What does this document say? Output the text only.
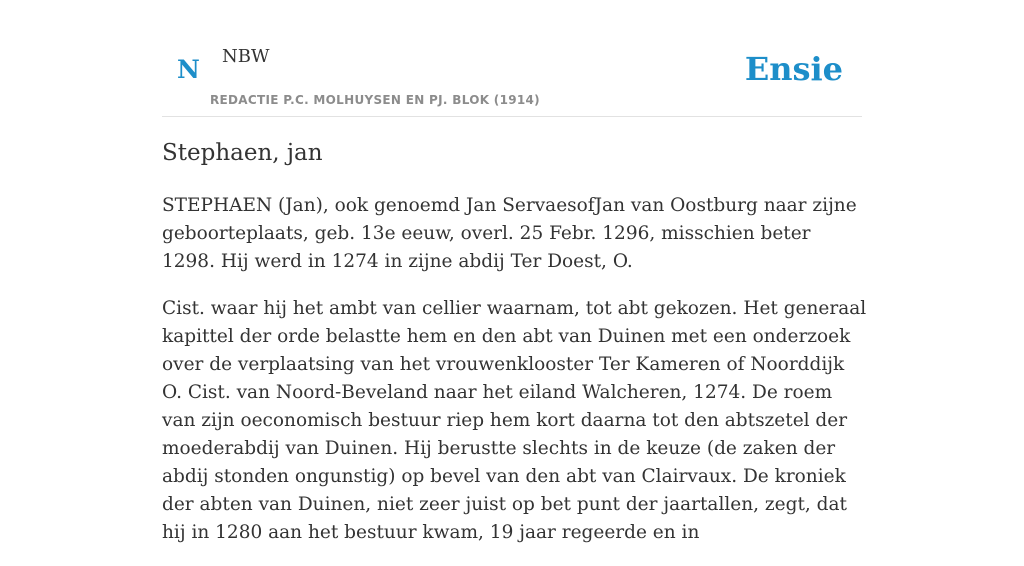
N NBW
REDACTIE P.C. MOLHUYSEN EN PJ. BLOK (1914)
Ensie
Stephaen, jan

STEPHAEN (Jan), ook genoemd Jan ServaesofJan van Oostburg naar zijne geboorteplaats, geb. 13e eeuw, overl. 25 Febr. 1296, misschien beter 1298. Hij werd in 1274 in zijne abdij Ter Doest, O.

Cist. waar hij het ambt van cellier waarnam, tot abt gekozen. Het generaal kapittel der orde belastte hem en den abt van Duinen met een onderzoek over de verplaatsing van het vrouwenklooster Ter Kameren of Noorddijk O. Cist. van Noord-Beveland naar het eiland Walcheren, 1274. De roem van zijn oeconomisch bestuur riep hem kort daarna tot den abtszetel der moederabdij van Duinen. Hij berustte slechts in de keuze (de zaken der abdij stonden ongunstig) op bevel van den abt van Clairvaux. De kroniek der abten van Duinen, niet zeer juist op bet punt der jaartallen, zegt, dat hij in 1280 aan het bestuur kwam, 19 jaar regeerde en in
